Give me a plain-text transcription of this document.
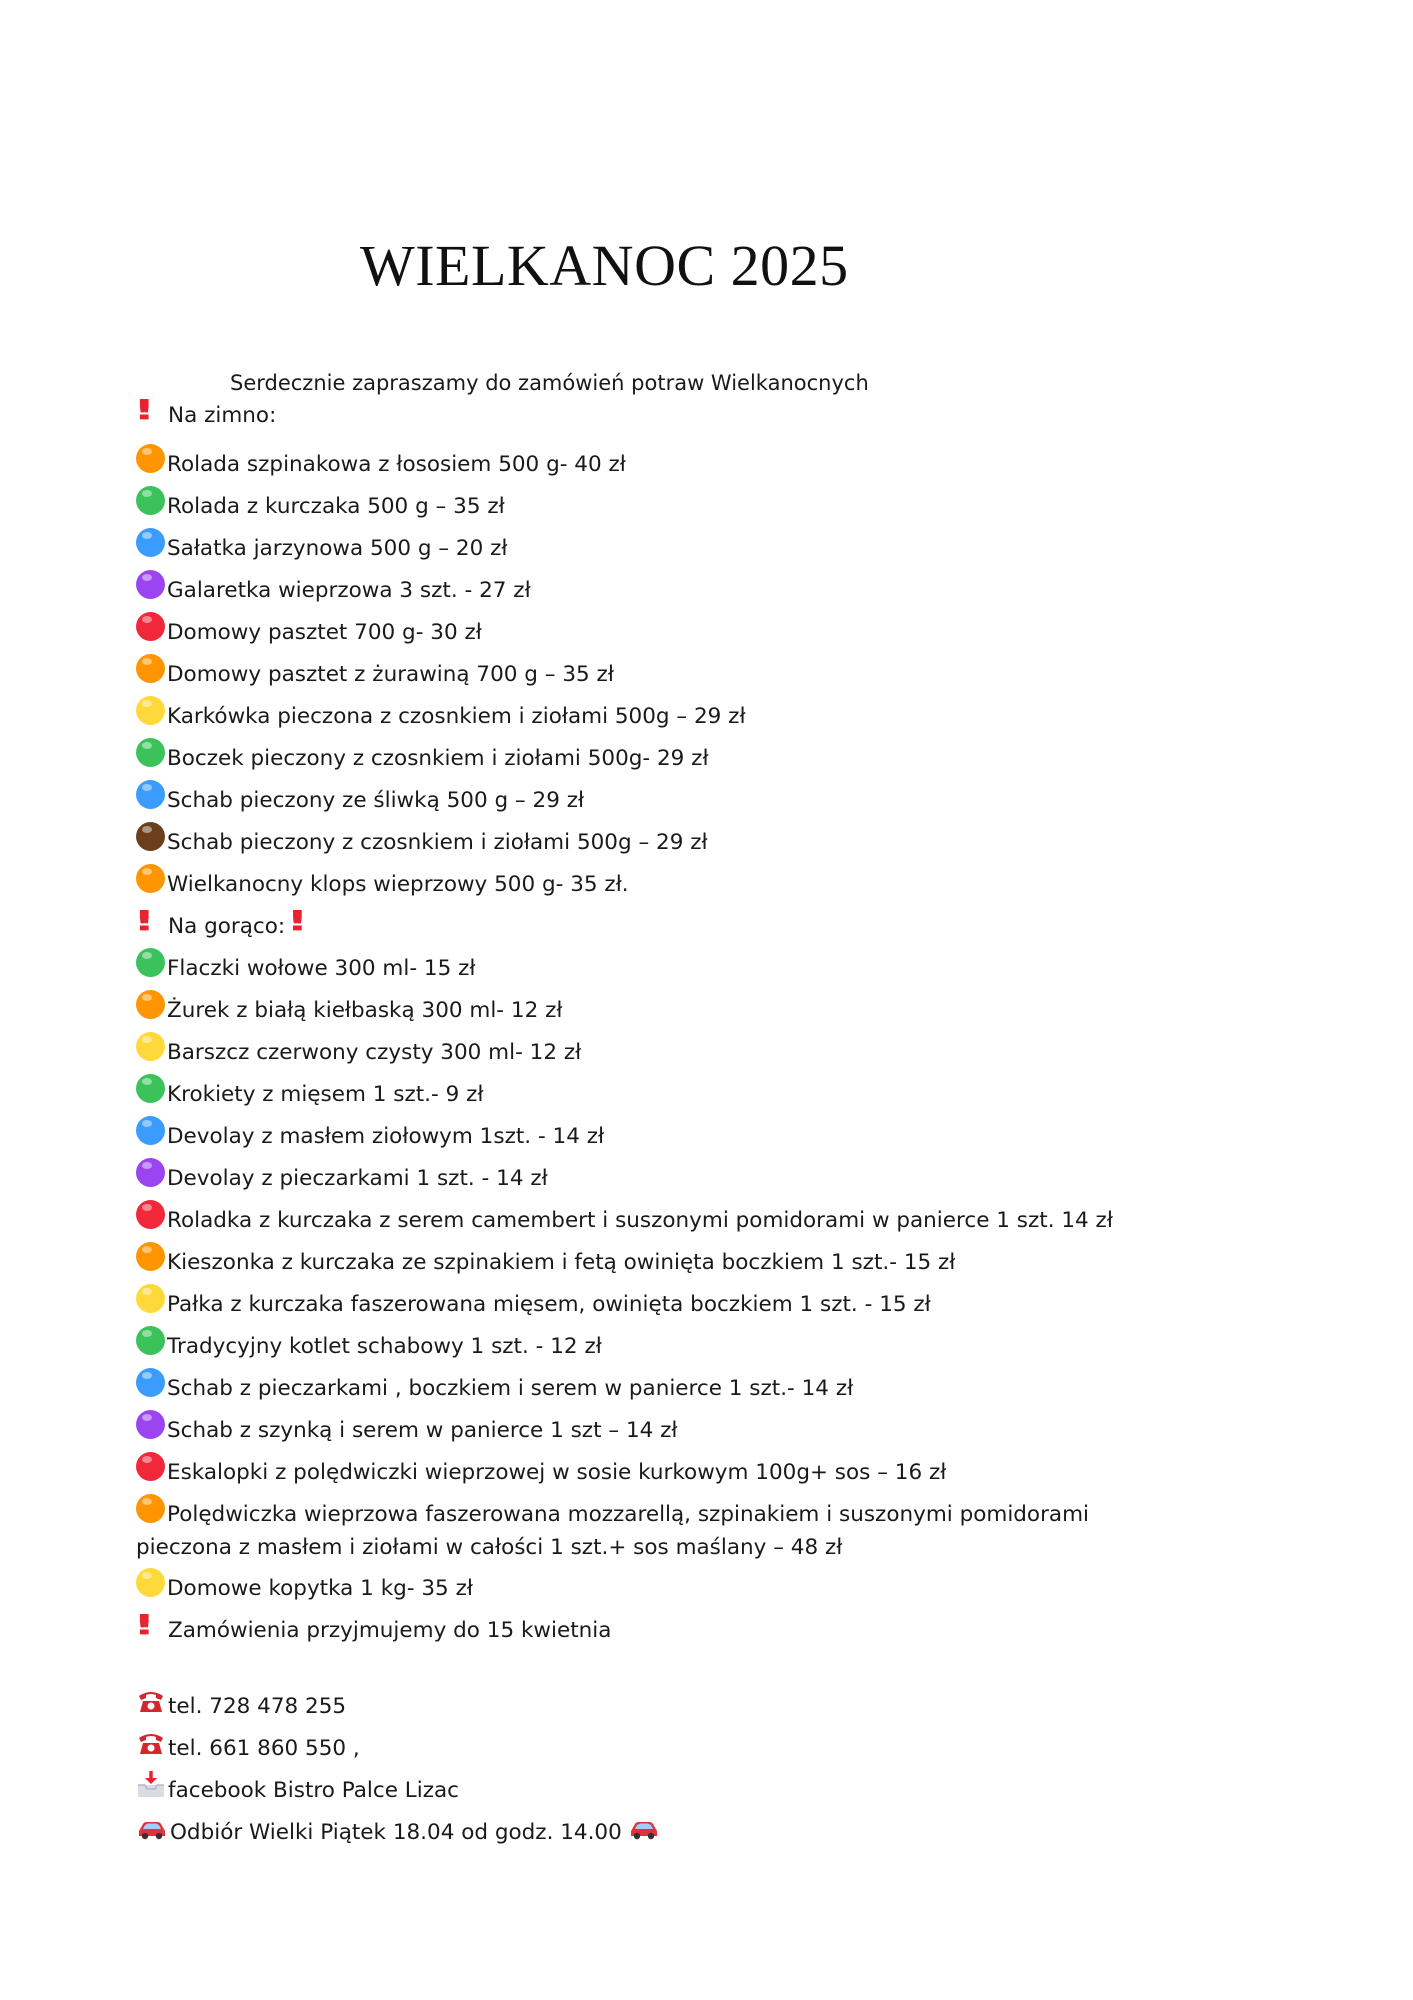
WIELKANOC 2025
Serdecznie zapraszamy do zamówień potraw Wielkanocnych
!!	Na zimno:
Rolada szpinakowa z łososiem 500 g- 40 zł
Rolada z kurczaka 500 g – 35 zł
Sałatka jarzynowa 500 g – 20 zł
Galaretka wieprzowa 3 szt. - 27 zł
Domowy pasztet 700 g- 30 zł
Domowy pasztet z żurawiną 700 g – 35 zł
Karkówka pieczona z czosnkiem i ziołami 500g – 29 zł
Boczek pieczony z czosnkiem i ziołami 500g- 29 zł
Schab pieczony ze śliwką 500 g – 29 zł
Schab pieczony z czosnkiem i ziołami 500g – 29 zł
Wielkanocny klops wieprzowy 500 g- 35 zł.
!!	Na gorąco: !!
Flaczki wołowe 300 ml- 15 zł
Żurek z białą kiełbaską 300 ml- 12 zł
Barszcz czerwony czysty 300 ml- 12 zł
Krokiety z mięsem 1 szt.- 9 zł
Devolay z masłem ziołowym 1szt. - 14 zł
Devolay z pieczarkami 1 szt. - 14 zł
Roladka z kurczaka z serem camembert i suszonymi pomidorami w panierce 1 szt. 14 zł
Kieszonka z kurczaka ze szpinakiem i fetą owinięta boczkiem 1 szt.- 15 zł
Pałka z kurczaka faszerowana mięsem, owinięta boczkiem 1 szt. - 15 zł
Tradycyjny kotlet schabowy 1 szt. - 12 zł
Schab z pieczarkami , boczkiem i serem w panierce 1 szt.- 14 zł
Schab z szynką i serem w panierce 1 szt – 14 zł
Eskalopki z polędwiczki wieprzowej w sosie kurkowym 100g+ sos – 16 zł
Polędwiczka wieprzowa faszerowana mozzarellą, szpinakiem i suszonymi pomidorami
pieczona z masłem i ziołami w całości 1 szt.+ sos maślany – 48 zł
Domowe kopytka 1 kg- 35 zł
!!	Zamówienia przyjmujemy do 15 kwietnia
tel. 728 478 255
tel. 661 860 550 ,
facebook Bistro Palce Lizac
Odbiór Wielki Piątek 18.04 od godz. 14.00
